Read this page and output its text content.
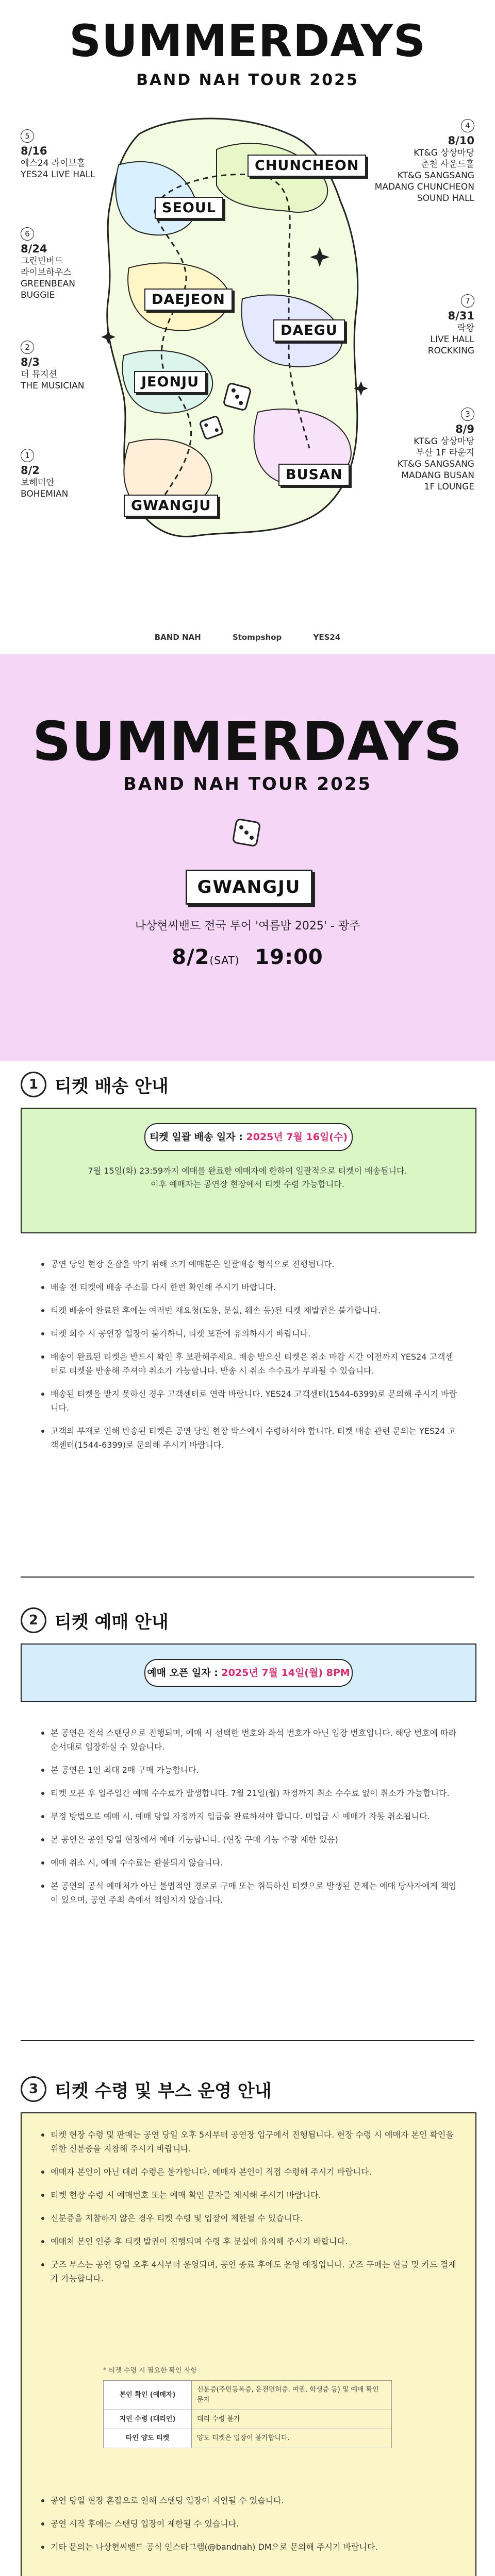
SUMMERDAYS
BAND NAH TOUR 2025
SEOUL
CHUNCHEON
DAEJEON
DAEGU
JEONJU
BUSAN
GWANGJU
5
8/16
예스24 라이브홀
YES24 LIVE HALL
6
8/24
그린빈버드
라이브하우스
GREENBEAN
BUGGIE
2
8/3
더 뮤지션
THE MUSICIAN
1
8/2
보헤미안
BOHEMIAN
4
8/10
KT&G 상상마당
춘천 사운드홀
KT&G SANGSANG
MADANG CHUNCHEON
SOUND HALL
7
8/31
락왕
LIVE HALL
ROCKKING
3
8/9
KT&G 상상마당
부산 1F 라운지
KT&G SANGSANG
MADANG BUSAN
1F LOUNGE
BAND NAH	Stompshop	YES24
SUMMERDAYS
BAND NAH TOUR 2025
GWANGJU
나상현씨밴드 전국 투어 '여름밤 2025' - 광주
8/2(SAT) 19:00
1 티켓 배송 안내
티켓 일괄 배송 일자 : 2025년 7월 16일(수)
7월 15일(화) 23:59까지 예매를 완료한 예매자에 한하여 일괄적으로 티켓이 배송됩니다.
이후 예매자는 공연장 현장에서 티켓 수령 가능합니다.
공연 당일 현장 혼잡을 막기 위해 조기 예매분은 일괄배송 형식으로 진행됩니다.
배송 전 티켓에 배송 주소를 다시 한번 확인해 주시기 바랍니다.
티켓 배송이 완료된 후에는 여러번 재요청(도용, 분실, 훼손 등)된 티켓 재발권은 불가합니다.
티켓 회수 시 공연장 입장이 불가하니, 티켓 보관에 유의하시기 바랍니다.
배송이 완료된 티켓은 반드시 확인 후 보관해주세요. 배송 받으신 티켓은 취소 마감 시간 이전까지 YES24 고객센터로 티켓을 반송해 주셔야 취소가 가능합니다. 반송 시 취소 수수료가 부과될 수 있습니다.
배송된 티켓을 받지 못하신 경우 고객센터로 연락 바랍니다. YES24 고객센터(1544-6399)로 문의해 주시기 바랍니다.
고객의 부재로 인해 반송된 티켓은 공연 당일 현장 박스에서 수령하셔야 합니다. 티켓 배송 관련 문의는 YES24 고객센터(1544-6399)로 문의해 주시기 바랍니다.
2 티켓 예매 안내
예매 오픈 일자 : 2025년 7월 14일(월) 8PM
본 공연은 전석 스탠딩으로 진행되며, 예매 시 선택한 번호와 좌석 번호가 아닌 입장 번호입니다. 해당 번호에 따라 순서대로 입장하실 수 있습니다.
본 공연은 1인 최대 2매 구매 가능합니다.
티켓 오픈 후 일주일간 예매 수수료가 발생합니다. 7월 21일(월) 자정까지 취소 수수료 없이 취소가 가능합니다.
부정 방법으로 예매 시, 예매 당일 자정까지 입금을 완료하셔야 합니다. 미입금 시 예매가 자동 취소됩니다.
본 공연은 공연 당일 현장에서 예매 가능합니다. (현장 구매 가능 수량 제한 있음)
예매 취소 시, 예매 수수료는 환불되지 않습니다.
본 공연의 공식 예매처가 아닌 불법적인 경로로 구매 또는 취득하신 티켓으로 발생된 문제는 예매 당사자에게 책임이 있으며, 공연 주최 측에서 책임지지 않습니다.
3 티켓 수령 및 부스 운영 안내
티켓 현장 수령 및 판매는 공연 당일 오후 5시부터 공연장 입구에서 진행됩니다. 현장 수령 시 예매자 본인 확인을 위한 신분증을 지참해 주시기 바랍니다.
예매자 본인이 아닌 대리 수령은 불가합니다. 예매자 본인이 직접 수령해 주시기 바랍니다.
티켓 현장 수령 시 예매번호 또는 예매 확인 문자를 제시해 주시기 바랍니다.
신분증을 지참하지 않은 경우 티켓 수령 및 입장이 제한될 수 있습니다.
예매처 본인 인증 후 티켓 발권이 진행되며 수령 후 분실에 유의해 주시기 바랍니다.
굿즈 부스는 공연 당일 오후 4시부터 운영되며, 공연 종료 후에도 운영 예정입니다. 굿즈 구매는 현금 및 카드 결제가 가능합니다.
* 티켓 수령 시 필요한 확인 사항
본인 확인 (예매자)	신분증(주민등록증, 운전면허증, 여권, 학생증 등) 및 예매 확인 문자
지인 수령 (대리인)	대리 수령 불가
타인 양도 티켓	양도 티켓은 입장이 불가합니다.
공연 당일 현장 혼잡으로 인해 스탠딩 입장이 지연될 수 있습니다.
공연 시작 후에는 스탠딩 입장이 제한될 수 있습니다.
기타 문의는 나상현씨밴드 공식 인스타그램(@bandnah) DM으로 문의해 주시기 바랍니다.
